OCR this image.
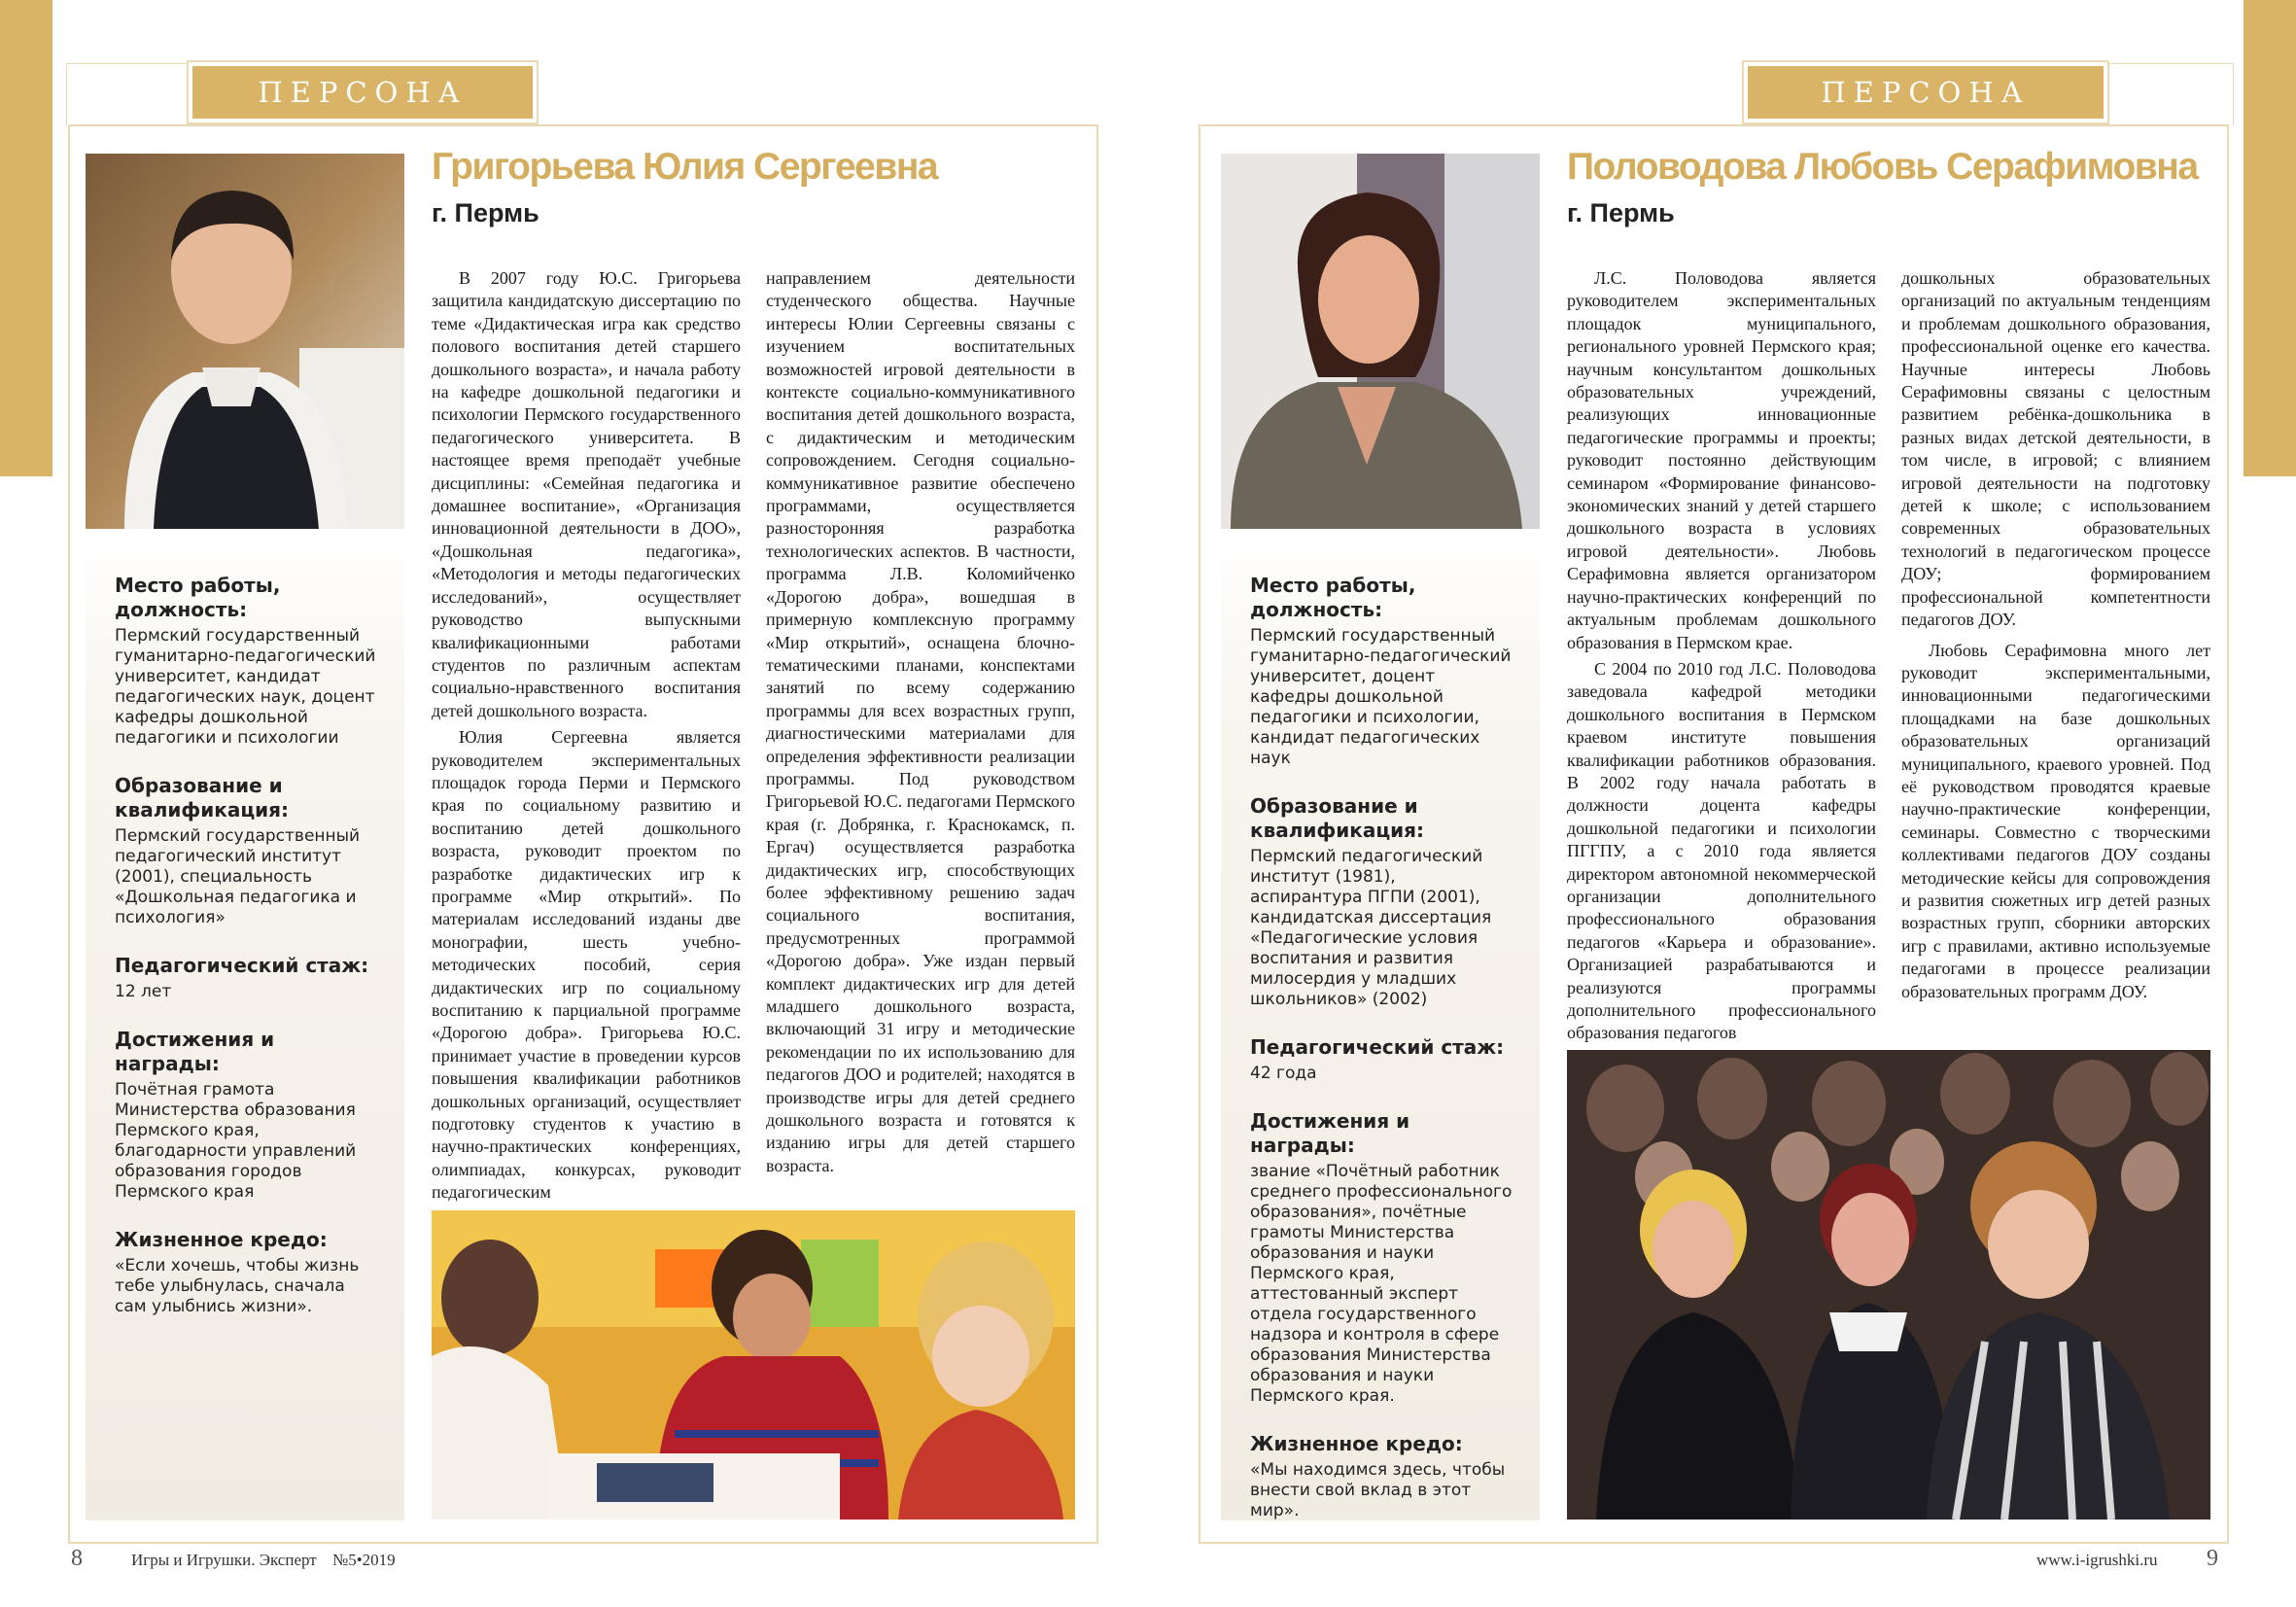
ПЕРСОНА
Место работы, должность:

Пермский государственный гуманитарно-педагогический университет, кандидат педагогических наук, доцент кафедры дошкольной педагогики и психологии

Образование и квалификация:

Пермский государственный педагогический институт (2001), специальность «Дошкольная педагогика и психология»

Педагогический стаж:

12 лет

Достижения и награды:

Почётная грамота Министерства образования Пермского края, благодарности управлений образования городов Пермского края

Жизненное кредо:

«Если хочешь, чтобы жизнь тебе улыбнулась, сначала сам улыбнись жизни».

Григорьева Юлия Сергеевна
г. Пермь

В 2007 году Ю.С. Григорьева защитила кандидатскую диссертацию по теме «Дидактическая игра как средство полового воспитания детей старшего дошкольного возраста», и начала работу на кафедре дошкольной педагогики и психологии Пермского государственного педагогического университета. В настоящее время преподаёт учебные дисциплины: «Семейная педагогика и домашнее воспитание», «Организация инновационной деятельности в ДОО», «Дошкольная педагогика», «Методология и методы педагогических исследований», осуществляет руководство выпускными квалификационными работами студентов по различным аспектам социально-нравственного воспитания детей дошкольного возраста.

Юлия Сергеевна является руководителем экспериментальных площадок города Перми и Пермского края по социальному развитию и воспитанию детей дошкольного возраста, руководит проектом по разработке дидактических игр к программе «Мир открытий». По материалам исследований изданы две монографии, шесть учебно-методических пособий, серия дидактических игр по социальному воспитанию к парциальной программе «Дорогою добра». Григорьева Ю.С. принимает участие в проведении курсов повышения квалификации работников дошкольных организаций, осуществляет подготовку студентов к участию в научно-практических конференциях, олимпиадах, конкурсах, руководит педагогическим

направлением деятельности студенческого общества. Научные интересы Юлии Сергеевны связаны с изучением воспитательных возможностей игровой деятельности в контексте социально-коммуникативного воспитания детей дошкольного возраста, с дидактическим и методическим сопровождением. Сегодня социально-коммуникативное развитие обеспечено программами, осуществляется разносторонняя разработка технологических аспектов. В частности, программа Л.В. Коломийченко «Дорогою добра», вошедшая в примерную комплексную программу «Мир открытий», оснащена блочно-тематическими планами, конспектами занятий по всему содержанию программы для всех возрастных групп, диагностическими материалами для определения эффективности реализации программы. Под руководством Григорьевой Ю.С. педагогами Пермского края (г. Добрянка, г. Краснокамск, п. Ергач) осуществляется разработка дидактических игр, способствующих более эффективному решению задач социального воспитания, предусмотренных программой «Дорогою добра». Уже издан первый комплект дидактических игр для детей младшего дошкольного возраста, включающий 31 игру и методические рекомендации по их использованию для педагогов ДОО и родителей; находятся в производстве игры для детей среднего дошкольного возраста и готовятся к изданию игры для детей старшего возраста.

8	Игры и Игрушки. Эксперт №5•2019
ПЕРСОНА
Место работы, должность:

Пермский государственный гуманитарно-педагогический университет, доцент кафедры дошкольной педагогики и психологии, кандидат педагогических наук

Образование и квалификация:

Пермский педагогический институт (1981), аспирантура ПГПИ (2001), кандидатская диссертация «Педагогические условия воспитания и развития милосердия у младших школьников» (2002)

Педагогический стаж:

42 года

Достижения и награды:

звание «Почётный работник среднего профессионального образования», почётные грамоты Министерства образования и науки Пермского края, аттестованный эксперт отдела государственного надзора и контроля в сфере образования Министерства образования и науки Пермского края.

Жизненное кредо:

«Мы находимся здесь, чтобы внести свой вклад в этот мир».

Половодова Любовь Серафимовна
г. Пермь

Л.С. Половодова является руководителем экспериментальных площадок муниципального, регионального уровней Пермского края; научным консультантом дошкольных образовательных учреждений, реализующих инновационные педагогические программы и проекты; руководит постоянно действующим семинаром «Формирование финансово-экономических знаний у детей старшего дошкольного возраста в условиях игровой деятельности». Любовь Серафимовна является организатором научно-практических конференций по актуальным проблемам дошкольного образования в Пермском крае.

С 2004 по 2010 год Л.С. Половодова заведовала кафедрой методики дошкольного воспитания в Пермском краевом институте повышения квалификации работников образования. В 2002 году начала работать в должности доцента кафедры дошкольной педагогики и психологии ПГГПУ, а с 2010 года является директором автономной некоммерческой организации дополнительного профессионального образования педагогов «Карьера и образование». Организацией разрабатываются и реализуются программы дополнительного профессионального образования педагогов

дошкольных образовательных организаций по актуальным тенденциям и проблемам дошкольного образования, профессиональной оценке его качества. Научные интересы Любовь Серафимовны связаны с целостным развитием ребёнка-дошкольника в разных видах детской деятельности, в том числе, в игровой; с влиянием игровой деятельности на подготовку детей к школе; с использованием современных образовательных технологий в педагогическом процессе ДОУ; формированием профессиональной компетентности педагогов ДОУ.

Любовь Серафимовна много лет руководит экспериментальными, инновационными педагогическими площадками на базе дошкольных образовательных организаций муниципального, краевого уровней. Под её руководством проводятся краевые научно-практические конференции, семинары. Совместно с творческими коллективами педагогов ДОУ созданы методические кейсы для сопровождения и развития сюжетных игр детей разных возрастных групп, сборники авторских игр с правилами, активно используемые педагогами в процессе реализации образовательных программ ДОУ.

www.i-igrushki.ru 9
